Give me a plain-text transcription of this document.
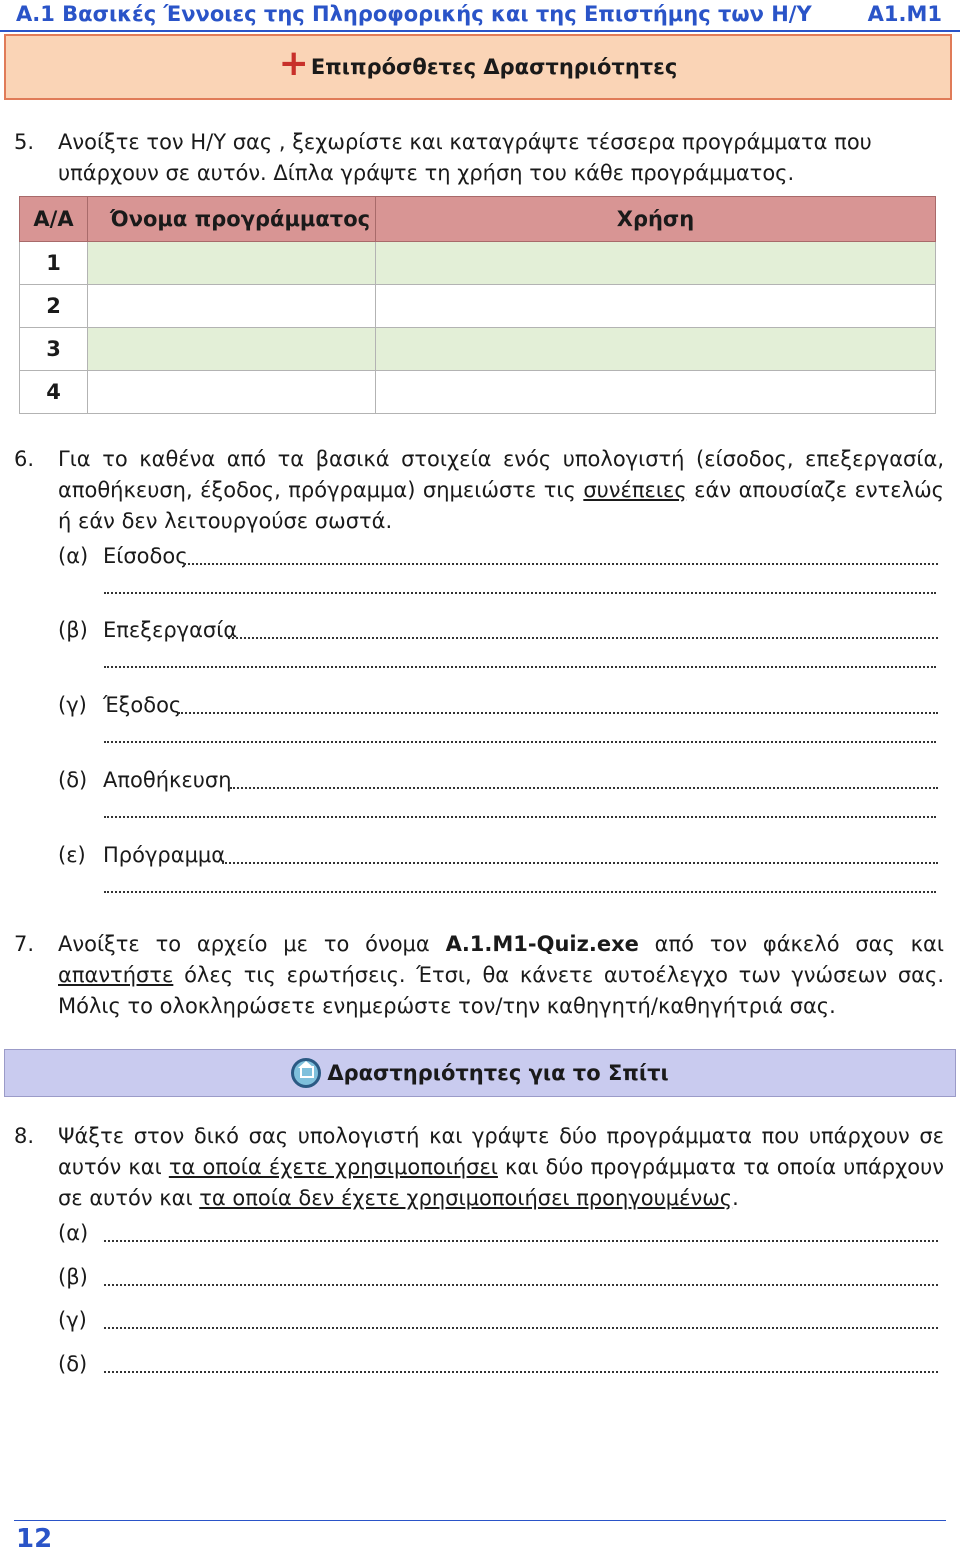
Α.1 Βασικές Έννοιες της Πληροφορικής και της Επιστήμης των Η/Υ	Α1.Μ1
+ Επιπρόσθετες Δραστηριότητες
5. Ανοίξτε τον Η/Υ σας , ξεχωρίστε και καταγράψτε τέσσερα προγράμματα που υπάρχουν σε αυτόν. Δίπλα γράψτε τη χρήση του κάθε προγράμματος.
Α/Α	Όνομα προγράμματος	Χρήση
1		
2		
3		
4		
6. Για το καθένα από τα βασικά στοιχεία ενός υπολογιστή (είσοδος, επεξεργασία, αποθήκευση, έξοδος, πρόγραμμα) σημειώστε τις συνέπειες εάν απουσίαζε εντελώς ή εάν δεν λειτουργούσε σωστά.
(α) Είσοδος
(β) Επεξεργασία
(γ) Έξοδος
(δ) Αποθήκευση
(ε) Πρόγραμμα
7. Ανοίξτε το αρχείο με το όνομα Α.1.Μ1-Quiz.exe από τον φάκελό σας και απαντήστε όλες τις ερωτήσεις. Έτσι, θα κάνετε αυτοέλεγχο των γνώσεων σας. Μόλις το ολοκληρώσετε ενημερώστε τον/την καθηγητή/καθηγήτριά σας.
Δραστηριότητες για το Σπίτι
8. Ψάξτε στον δικό σας υπολογιστή και γράψτε δύο προγράμματα που υπάρχουν σε αυτόν και τα οποία έχετε χρησιμοποιήσει και δύο προγράμματα τα οποία υπάρχουν σε αυτόν και τα οποία δεν έχετε χρησιμοποιήσει προηγουμένως.
(α)
(β)
(γ)
(δ)
12
